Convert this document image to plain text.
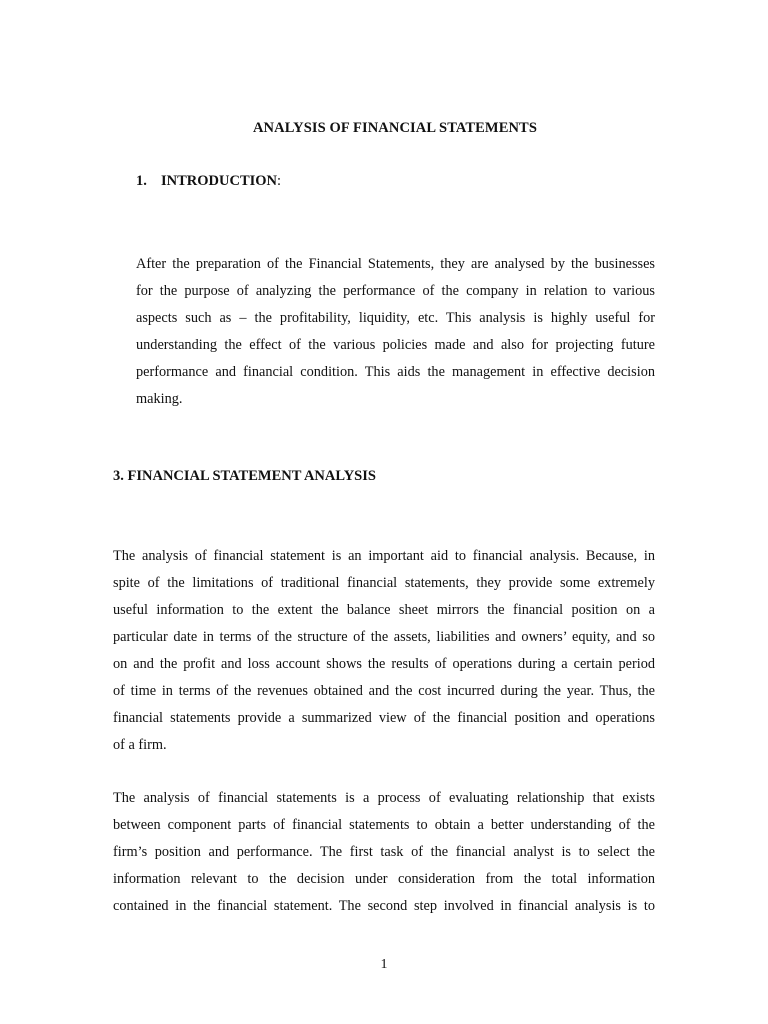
ANALYSIS OF FINANCIAL STATEMENTS
1. INTRODUCTION:

After the preparation of the Financial Statements, they are analysed by the businesses
for the purpose of analyzing the performance of the company in relation to various
aspects such as – the profitability, liquidity, etc. This analysis is highly useful for
understanding the effect of the various policies made and also for projecting future
performance and financial condition. This aids the management in effective decision
making.

3. FINANCIAL STATEMENT ANALYSIS

The analysis of financial statement is an important aid to financial analysis. Because, in
spite of the limitations of traditional financial statements, they provide some extremely
useful information to the extent the balance sheet mirrors the financial position on a
particular date in terms of the structure of the assets, liabilities and owners’ equity, and so
on and the profit and loss account shows the results of operations during a certain period
of time in terms of the revenues obtained and the cost incurred during the year. Thus, the
financial statements provide a summarized view of the financial position and operations
of a firm.

The analysis of financial statements is a process of evaluating relationship that exists
between component parts of financial statements to obtain a better understanding of the
firm’s position and performance. The first task of the financial analyst is to select the
information relevant to the decision under consideration from the total information
contained in the financial statement. The second step involved in financial analysis is to

1
